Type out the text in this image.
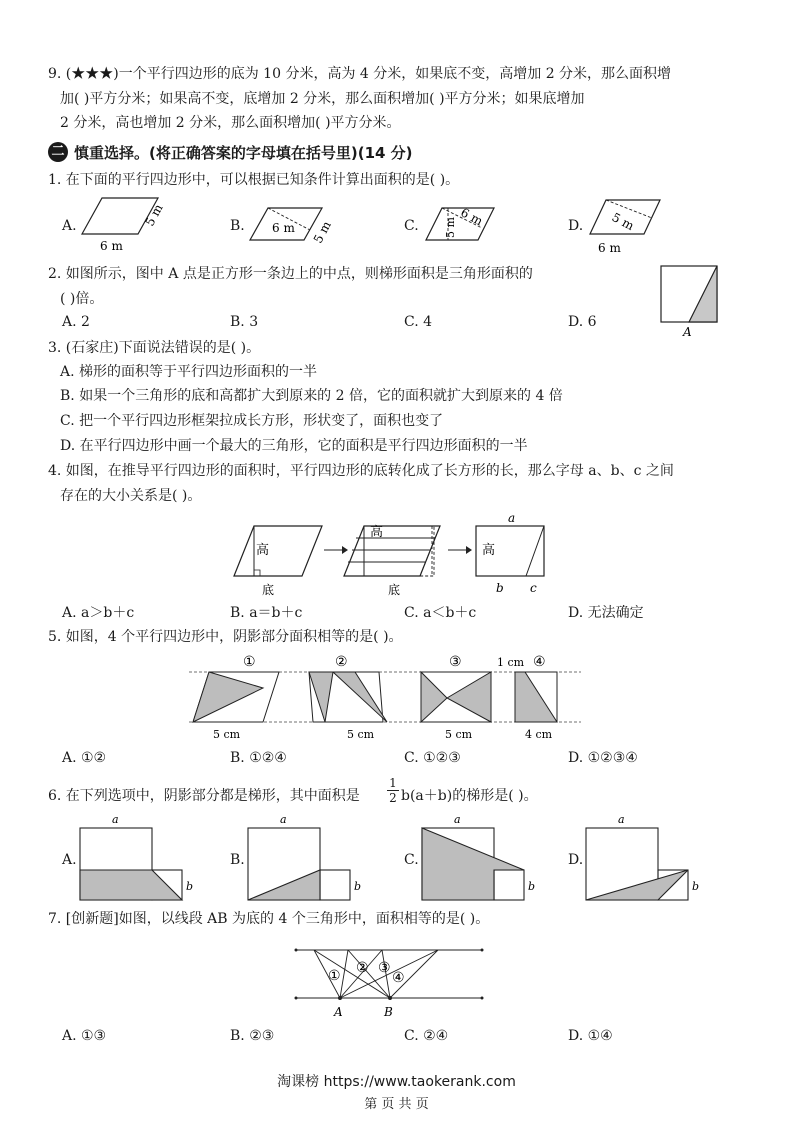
9. (★★★)一个平行四边形的底为 10 分米，高为 4 分米，如果底不变，高增加 2 分米，那么面积增
加( )平方分米；如果高不变，底增加 2 分米，那么面积增加( )平方分米；如果底增加
2 分米，高也增加 2 分米，那么面积增加( )平方分米。
二 慎重选择。(将正确答案的字母填在括号里)(14 分)
1. 在下面的平行四边形中，可以根据已知条件计算出面积的是( )。
A.	B.	C.	D.
6 m
5 m	6 m 5 m	5 m 6 m	5 m
6 m
2. 如图所示，图中 A 点是正方形一条边上的中点，则梯形面积是三角形面积的
( )倍。
A. 2	B. 3	C. 4	D. 6
A
3. (石家庄)下面说法错误的是( )。
A. 梯形的面积等于平行四边形面积的一半
B. 如果一个三角形的底和高都扩大到原来的 2 倍，它的面积就扩大到原来的 4 倍
C. 把一个平行四边形框架拉成长方形，形状变了，面积也变了
D. 在平行四边形中画一个最大的三角形，它的面积是平行四边形面积的一半
4. 如图，在推导平行四边形的面积时，平行四边形的底转化成了长方形的长，那么字母 a、b、c 之间
存在的大小关系是( )。
高
底
高
底
高
a
b c
A. a＞b＋c	B. a＝b＋c	C. a＜b＋c	D. 无法确定
5. 如图，4 个平行四边形中，阴影部分面积相等的是( )。
①
5 cm
②
5 cm
③
5 cm
1 cm ④
4 cm
A. ①②	B. ①②④	C. ①②③	D. ①②③④
6. 在下列选项中，阴影部分都是梯形，其中面积是 $\frac{1}{2} b(a+b)$的梯形是( )。
A.	B.	C.	D.
a
b
a
b
a
b
a
b
7. [创新题]如图，以线段 AB 为底的 4 个三角形中，面积相等的是( )。
① ② ③
④
A	B
A. ①③	B. ②③	C. ②④	D. ①④
淘课榜 https://www.taokerank.com
第 页 共 页
